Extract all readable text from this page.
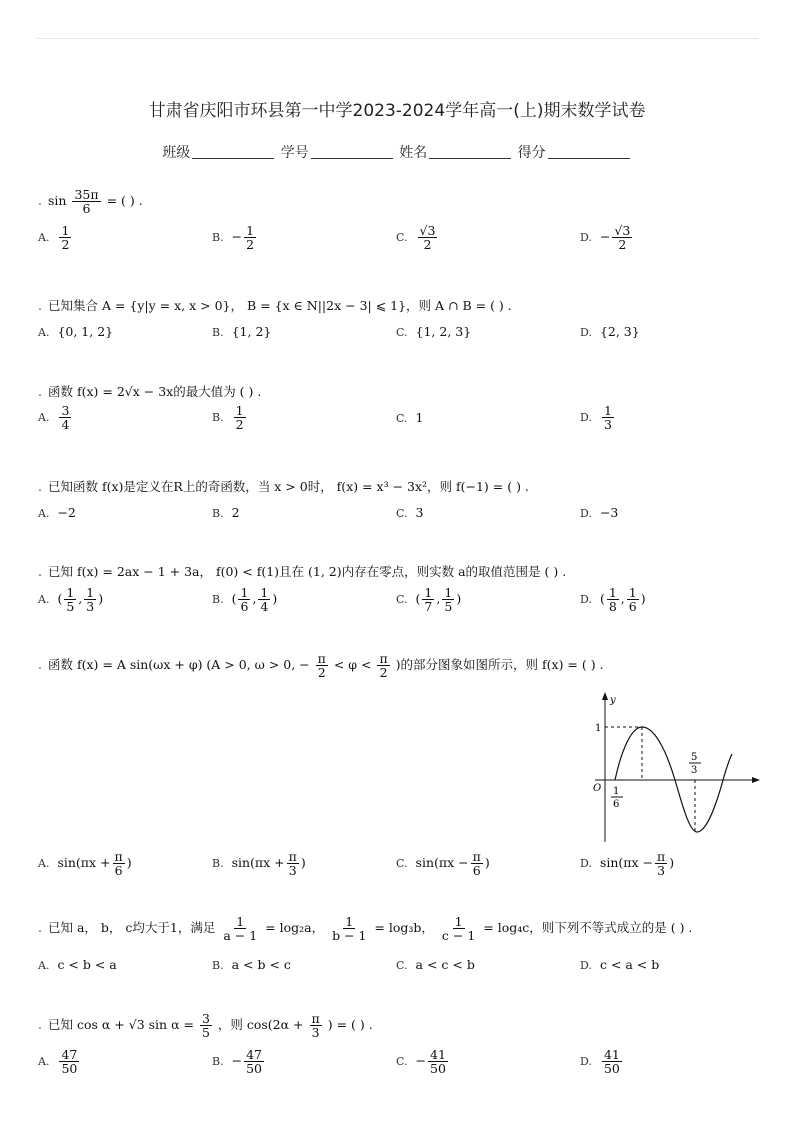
甘肃省庆阳市环县第一中学2023-2024学年高一(上)期末数学试卷
班级	学号	姓名	得分
. $\sin \frac{35\pi}{6}$ = ( ) .
A. $\frac{1}{2}$	B. − $\frac{1}{2}$	C. $\frac{√3}{2}$	D. − $\frac{√3}{2}$
. 已知集合 A = {y|y = x, x > 0}， B = {x ∈ N||2x − 3| ⩽ 1}，则 A ∩ B = ( ) .
A. {0, 1, 2}	B. {1, 2}	C. {1, 2, 3}	D. {2, 3}
. 函数 f(x) = 2√x − 3x的最大值为 ( ) .
A. $\frac{3}{4}$	B. $\frac{1}{2}$	C. 1	D. $\frac{1}{3}$
. 已知函数 f(x)是定义在R上的奇函数，当 x > 0时， f(x) = x³ − 3x²，则 f(−1) = ( ) .
A. −2	B. 2	C. 3	D. −3
. 已知 f(x) = 2ax − 1 + 3a， f(0) < f(1)且在 (1, 2)内存在零点，则实数 a的取值范围是 ( ) .
A. ( $\frac{1}{5}$ , $\frac{1}{3}$ )	B. ( $\frac{1}{6}$ , $\frac{1}{4}$ )	C. ( $\frac{1}{7}$ , $\frac{1}{5}$ )	D. ( $\frac{1}{8}$ , $\frac{1}{6}$ )
. 函数 f(x) = A sin(ωx + φ) (A > 0, ω > 0, − $\frac{\pi}{2} < \varphi < \frac{\pi}{2}$ )的部分图象如图所示，则 f(x) = ( ) .
y
O
1
1
6
5
3
A. $\sin(\pi x + \frac{\pi}{6}$ )	B. $\sin(\pi x + \frac{\pi}{3}$ )	C. $\sin(\pi x - \frac{\pi}{6}$ )	D. $\sin(\pi x - \frac{\pi}{3}$ )
. 已知 a， b， c均大于1，满足 $\frac{1}{a - 1} = \log_2a$， $\frac{1}{b - 1} = \log_3b$， $\frac{1}{c - 1} = \log_4c$，则下列不等式成立的是 ( ) .
A. c < b < a	B. a < b < c	C. a < c < b	D. c < a < b
. 已知 cos α + √3 $\sin \alpha = \frac{3}{5}$ ，则 $\cos(2\alpha + \frac{\pi}{3}$ ) = ( ) .
A. $\frac{47}{50}$	B. − $\frac{47}{50}$	C. − $\frac{41}{50}$	D. $\frac{41}{50}$
